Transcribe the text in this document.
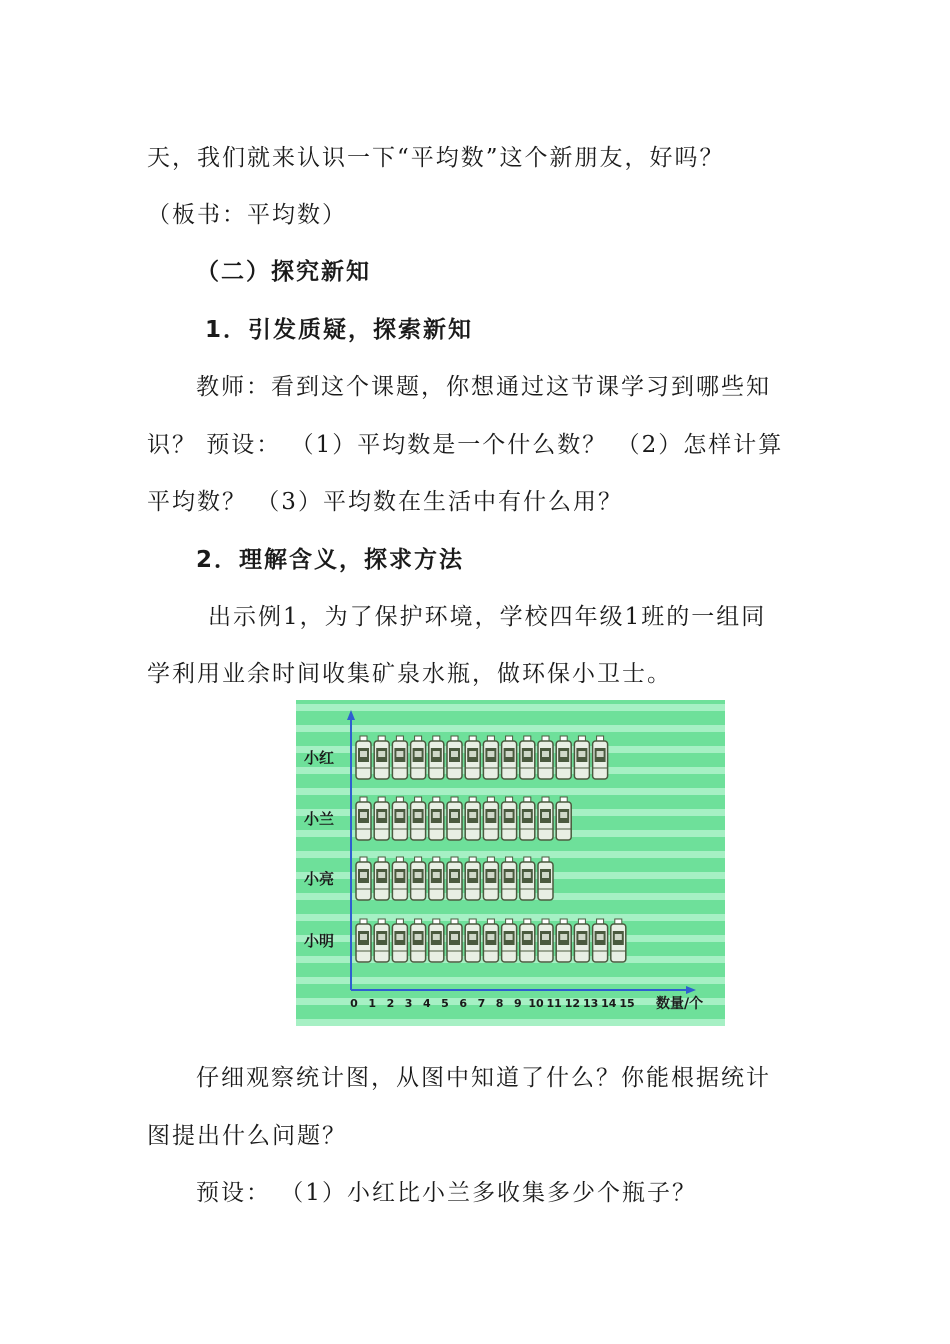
天，我们就来认识一下“平均数”这个新朋友，好吗？
（板书：平均数）
（二）探究新知
1．引发质疑，探索新知
教师：看到这个课题，你想通过这节课学习到哪些知
识？ 预设： （1）平均数是一个什么数？ （2）怎样计算
平均数？ （3）平均数在生活中有什么用？
2．理解含义，探求方法
出示例1，为了保护环境，学校四年级1班的一组同
学利用业余时间收集矿泉水瓶，做环保小卫士。
0 1 2 3 4 5 6 7 8 9 10 11 12 13 14 15
小红
小兰
小亮
小明
数量/个
仔细观察统计图，从图中知道了什么？你能根据统计
图提出什么问题？
预设： （1）小红比小兰多收集多少个瓶子？
